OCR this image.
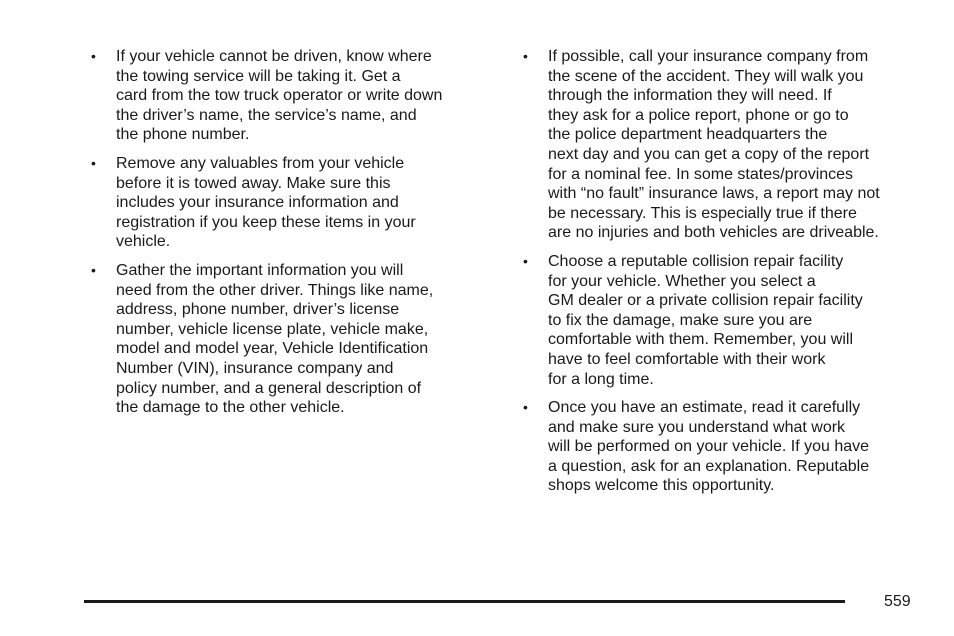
• If your vehicle cannot be driven, know where
the towing service will be taking it. Get a
card from the tow truck operator or write down
the driver’s name, the service’s name, and
the phone number.
• Remove any valuables from your vehicle
before it is towed away. Make sure this
includes your insurance information and
registration if you keep these items in your
vehicle.
• Gather the important information you will
need from the other driver. Things like name,
address, phone number, driver’s license
number, vehicle license plate, vehicle make,
model and model year, Vehicle Identification
Number (VIN), insurance company and
policy number, and a general description of
the damage to the other vehicle.
• If possible, call your insurance company from
the scene of the accident. They will walk you
through the information they will need. If
they ask for a police report, phone or go to
the police department headquarters the
next day and you can get a copy of the report
for a nominal fee. In some states/provinces
with “no fault” insurance laws, a report may not
be necessary. This is especially true if there
are no injuries and both vehicles are driveable.
• Choose a reputable collision repair facility
for your vehicle. Whether you select a
GM dealer or a private collision repair facility
to fix the damage, make sure you are
comfortable with them. Remember, you will
have to feel comfortable with their work
for a long time.
• Once you have an estimate, read it carefully
and make sure you understand what work
will be performed on your vehicle. If you have
a question, ask for an explanation. Reputable
shops welcome this opportunity.
559
